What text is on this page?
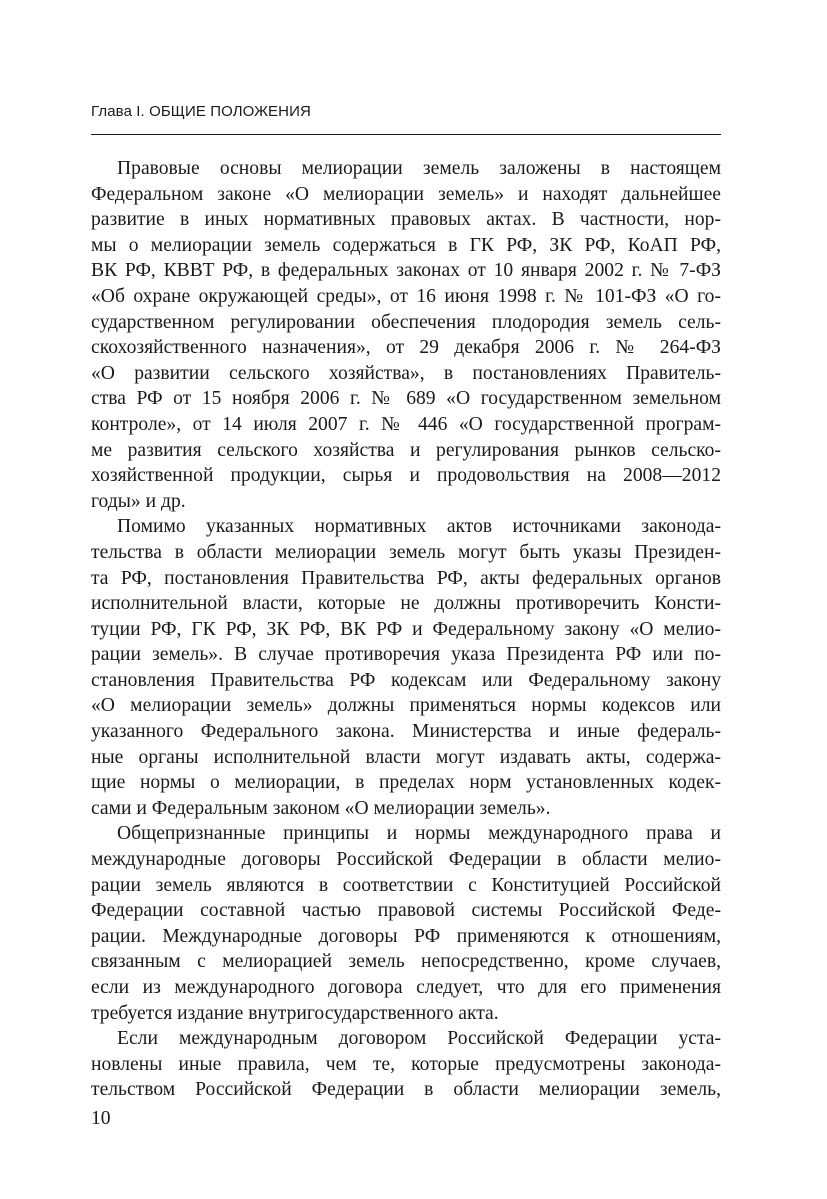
Глава I. ОБЩИЕ ПОЛОЖЕНИЯ
Правовые основы мелиорации земель заложены в настоящем
Федеральном законе «О мелиорации земель» и находят дальнейшее
развитие в иных нормативных правовых актах. В частности, нор-
мы о мелиорации земель содержаться в ГК РФ, ЗК РФ, КоАП РФ,
ВК РФ, КВВТ РФ, в федеральных законах от 10 января 2002 г. № 7-ФЗ
«Об охране окружающей среды», от 16 июня 1998 г. № 101-ФЗ «О го-
сударственном регулировании обеспечения плодородия земель сель-
скохозяйственного назначения», от 29 декабря 2006 г. № 264-ФЗ
«О развитии сельского хозяйства», в постановлениях Правитель-
ства РФ от 15 ноября 2006 г. № 689 «О государственном земельном
контроле», от 14 июля 2007 г. № 446 «О государственной програм-
ме развития сельского хозяйства и регулирования рынков сельско-
хозяйственной продукции, сырья и продовольствия на 2008—2012
годы» и др.
Помимо указанных нормативных актов источниками законода-
тельства в области мелиорации земель могут быть указы Президен-
та РФ, постановления Правительства РФ, акты федеральных органов
исполнительной власти, которые не должны противоречить Консти-
туции РФ, ГК РФ, ЗК РФ, ВК РФ и Федеральному закону «О мелио-
рации земель». В случае противоречия указа Президента РФ или по-
становления Правительства РФ кодексам или Федеральному закону
«О мелиорации земель» должны применяться нормы кодексов или
указанного Федерального закона. Министерства и иные федераль-
ные органы исполнительной власти могут издавать акты, содержа-
щие нормы о мелиорации, в пределах норм установленных кодек-
сами и Федеральным законом «О мелиорации земель».
Общепризнанные принципы и нормы международного права и
международные договоры Российской Федерации в области мелио-
рации земель являются в соответствии с Конституцией Российской
Федерации составной частью правовой системы Российской Феде-
рации. Международные договоры РФ применяются к отношениям,
связанным с мелиорацией земель непосредственно, кроме случаев,
если из международного договора следует, что для его применения
требуется издание внутригосударственного акта.
Если международным договором Российской Федерации уста-
новлены иные правила, чем те, которые предусмотрены законода-
тельством Российской Федерации в области мелиорации земель,
10
